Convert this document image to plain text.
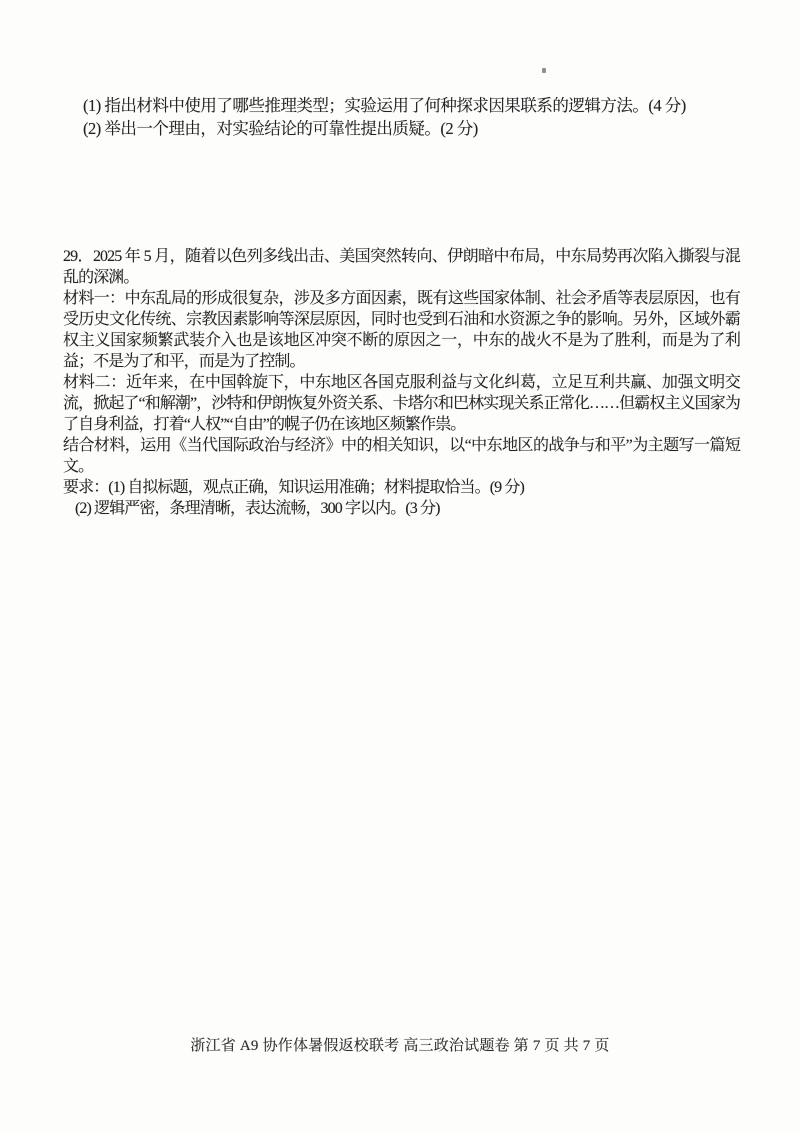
(1) 指出材料中使用了哪些推理类型；实验运用了何种探求因果联系的逻辑方法。(4 分)

(2) 举出一个理由，对实验结论的可靠性提出质疑。(2 分)

29．2025 年 5 月，随着以色列多线出击、美国突然转向、伊朗暗中布局，中东局势再次陷入撕裂与混乱的深渊。

材料一：中东乱局的形成很复杂，涉及多方面因素，既有这些国家体制、社会矛盾等表层原因，也有受历史文化传统、宗教因素影响等深层原因，同时也受到石油和水资源之争的影响。另外，区域外霸权主义国家频繁武装介入也是该地区冲突不断的原因之一，中东的战火不是为了胜利，而是为了利益；不是为了和平，而是为了控制。

材料二：近年来，在中国斡旋下，中东地区各国克服利益与文化纠葛，立足互利共赢、加强文明交流，掀起了“和解潮”，沙特和伊朗恢复外资关系、卡塔尔和巴林实现关系正常化……但霸权主义国家为了自身利益，打着“人权”“自由”的幌子仍在该地区频繁作祟。

结合材料，运用《当代国际政治与经济》中的相关知识，以“中东地区的战争与和平”为主题写一篇短文。

要求：(1) 自拟标题，观点正确，知识运用准确；材料提取恰当。(9 分)

(2) 逻辑严密，条理清晰，表达流畅，300 字以内。(3 分)

浙江省 A9 协作体暑假返校联考 高三政治试题卷 第 7 页 共 7 页
